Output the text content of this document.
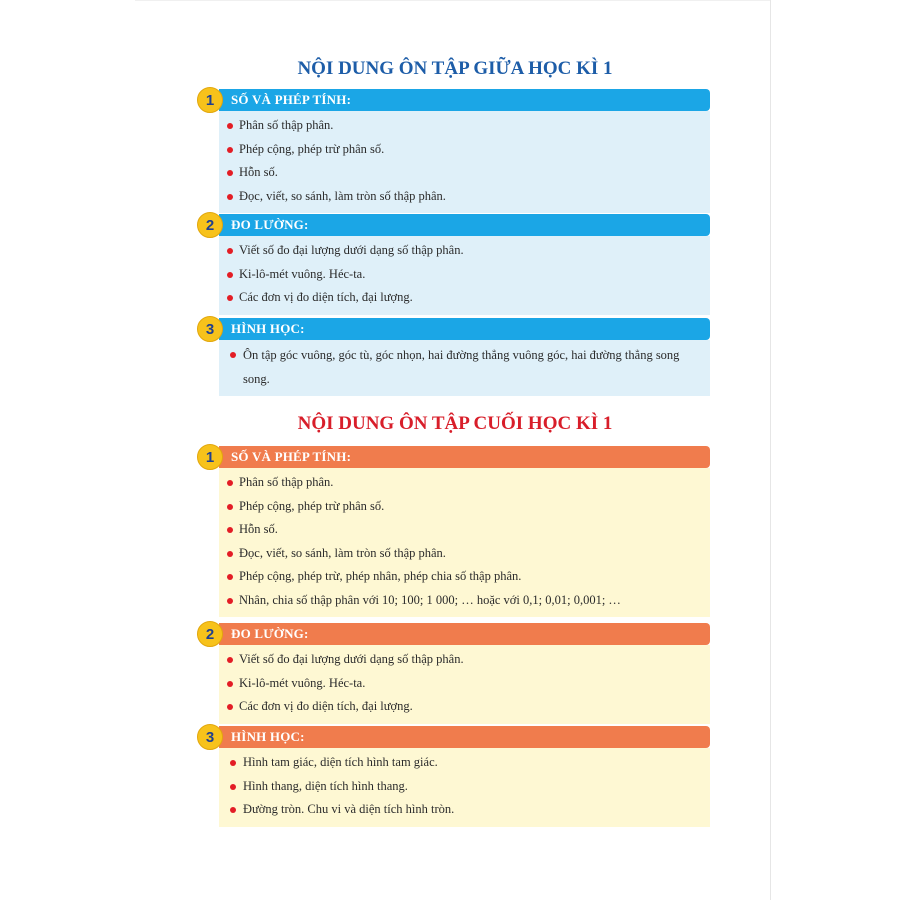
NỘI DUNG ÔN TẬP GIỮA HỌC KÌ 1
1	SỐ VÀ PHÉP TÍNH:
Phân số thập phân.
Phép cộng, phép trừ phân số.
Hỗn số.
Đọc, viết, so sánh, làm tròn số thập phân.
2	ĐO LƯỜNG:
Viết số đo đại lượng dưới dạng số thập phân.
Ki-lô-mét vuông. Héc-ta.
Các đơn vị đo diện tích, đại lượng.
3	HÌNH HỌC:
Ôn tập góc vuông, góc tù, góc nhọn, hai đường thẳng vuông góc, hai đường thẳng song song.
NỘI DUNG ÔN TẬP CUỐI HỌC KÌ 1
1	SỐ VÀ PHÉP TÍNH:
Phân số thập phân.
Phép cộng, phép trừ phân số.
Hỗn số.
Đọc, viết, so sánh, làm tròn số thập phân.
Phép cộng, phép trừ, phép nhân, phép chia số thập phân.
Nhân, chia số thập phân với 10; 100; 1 000; … hoặc với 0,1; 0,01; 0,001; …
2	ĐO LƯỜNG:
Viết số đo đại lượng dưới dạng số thập phân.
Ki-lô-mét vuông. Héc-ta.
Các đơn vị đo diện tích, đại lượng.
3	HÌNH HỌC:
Hình tam giác, diện tích hình tam giác.
Hình thang, diện tích hình thang.
Đường tròn. Chu vi và diện tích hình tròn.
